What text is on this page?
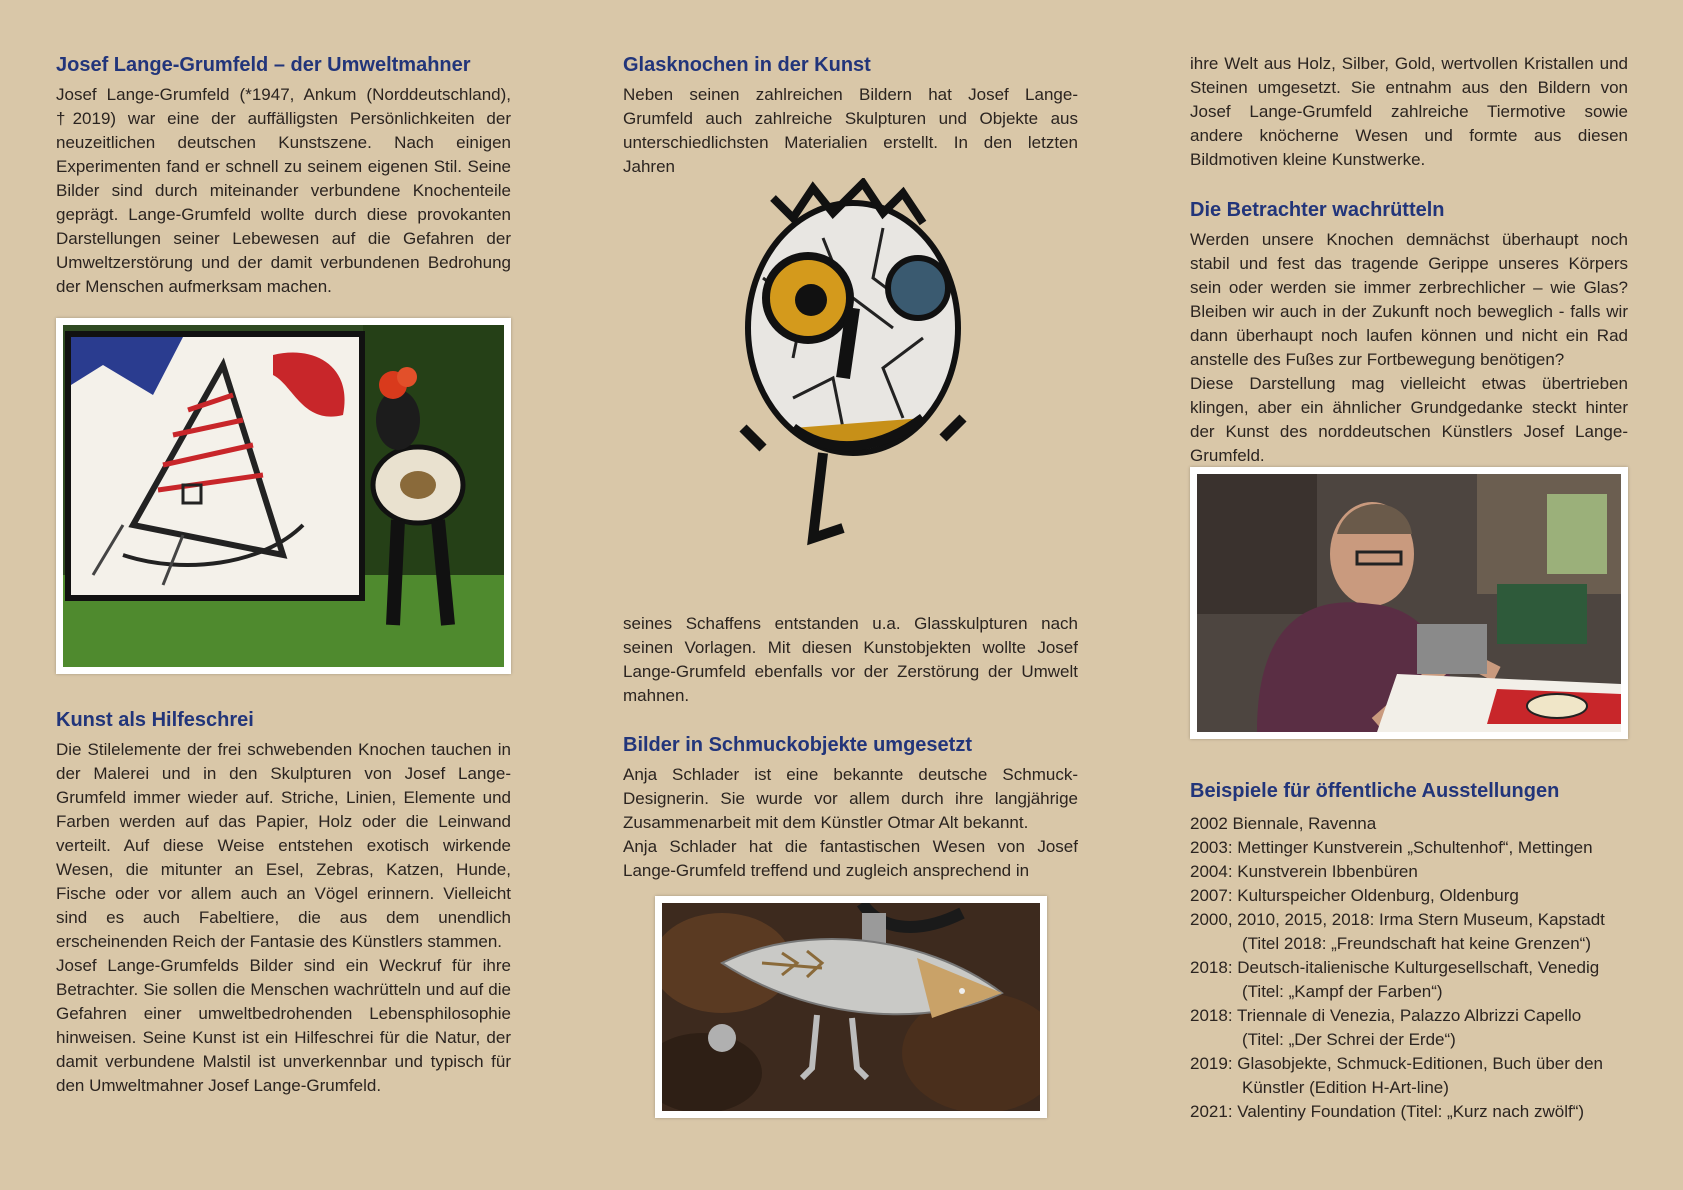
Josef Lange-Grumfeld – der Umweltmahner

Josef Lange-Grumfeld (*1947, Ankum (Norddeutschland), †2019) war eine der auffälligsten Persönlichkeiten der neuzeitlichen deutschen Kunstszene. Nach einigen Experimenten fand er schnell zu seinem eigenen Stil. Seine Bilder sind durch miteinander verbundene Knochenteile geprägt. Lange-Grumfeld wollte durch diese provokanten Darstellungen seiner Lebewesen auf die Gefahren der Umweltzerstörung und der damit verbundenen Bedrohung der Menschen aufmerksam machen.

Kunst als Hilfeschrei

Die Stilelemente der frei schwebenden Knochen tauchen in der Malerei und in den Skulpturen von Josef Lange-Grumfeld immer wieder auf. Striche, Linien, Elemente und Farben werden auf das Papier, Holz oder die Leinwand verteilt. Auf diese Weise entstehen exotisch wirkende Wesen, die mitunter an Esel, Zebras, Katzen, Hunde, Fische oder vor allem auch an Vögel erinnern. Vielleicht sind es auch Fabeltiere, die aus dem unendlich erscheinenden Reich der Fantasie des Künstlers stammen.

Josef Lange-Grumfelds Bilder sind ein Weckruf für ihre Betrachter. Sie sollen die Menschen wachrütteln und auf die Gefahren einer umweltbedrohenden Lebensphilosophie hinweisen. Seine Kunst ist ein Hilfeschrei für die Natur, der damit verbundene Malstil ist unverkennbar und typisch für den Umweltmahner Josef Lange-Grumfeld.

Glasknochen in der Kunst

Neben seinen zahlreichen Bildern hat Josef Lange-Grumfeld auch zahlreiche Skulpturen und Objekte aus unterschiedlichsten Materialien erstellt. In den letzten Jahren

seines Schaffens entstanden u.a. Glasskulpturen nach seinen Vorlagen. Mit diesen Kunstobjekten wollte Josef Lange-Grumfeld ebenfalls vor der Zerstörung der Umwelt mahnen.

Bilder in Schmuckobjekte umgesetzt

Anja Schlader ist eine bekannte deutsche Schmuck-Designerin. Sie wurde vor allem durch ihre langjährige Zusammenarbeit mit dem Künstler Otmar Alt bekannt.

Anja Schlader hat die fantastischen Wesen von Josef Lange-Grumfeld treffend und zugleich ansprechend in

ihre Welt aus Holz, Silber, Gold, wertvollen Kristallen und Steinen umgesetzt. Sie entnahm aus den Bildern von Josef Lange-Grumfeld zahlreiche Tiermotive sowie andere knöcherne Wesen und formte aus diesen Bildmotiven kleine Kunstwerke.

Die Betrachter wachrütteln

Werden unsere Knochen demnächst überhaupt noch stabil und fest das tragende Gerippe unseres Körpers sein oder werden sie immer zerbrechlicher – wie Glas? Bleiben wir auch in der Zukunft noch beweglich - falls wir dann überhaupt noch laufen können und nicht ein Rad anstelle des Fußes zur Fortbewegung benötigen?

Diese Darstellung mag vielleicht etwas übertrieben klingen, aber ein ähnlicher Grundgedanke steckt hinter der Kunst des norddeutschen Künstlers Josef Lange-Grumfeld.

Beispiele für öffentliche Ausstellungen
2002 Biennale, Ravenna
2003: Mettinger Kunstverein „Schultenhof“, Mettingen
2004: Kunstverein Ibbenbüren
2007: Kulturspeicher Oldenburg, Oldenburg
2000, 2010, 2015, 2018: Irma Stern Museum, Kapstadt
(Titel 2018: „Freundschaft hat keine Grenzen“)
2018: Deutsch-italienische Kulturgesellschaft, Venedig
(Titel: „Kampf der Farben“)
2018: Triennale di Venezia, Palazzo Albrizzi Capello
(Titel: „Der Schrei der Erde“)
2019: Glasobjekte, Schmuck-Editionen, Buch über den
Künstler (Edition H-Art-line)
2021: Valentiny Foundation (Titel: „Kurz nach zwölf“)
